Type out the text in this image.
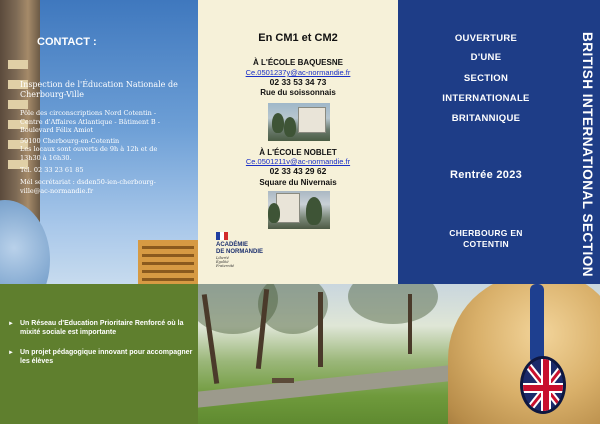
CONTACT :
Inspection de l'Éducation Nationale de Cherbourg-Ville
Pôle des circonscriptions Nord Cotentin -
Centre d'Affaires Atlantique - Bâtiment B -
Boulevard Félix Amiot
50100 Cherbourg-en-Cotentin
Les locaux sont ouverts de 9h à 12h et de
13h30 à 16h30.
Tél. 02 33 23 61 85
Mél secrétariat : dsden50-ien-cherbourg-
ville@ac-normandie.fr
En CM1 et CM2
À L'ÉCOLE BAQUESNE
Ce.0501237y@ac-normandie.fr
02 33 53 34 73
Rue du soissonnais
À L'ÉCOLE NOBLET
Ce.0501211v@ac-normandie.fr
02 33 43 29 62
Square du Nivernais
ACADÉMIE
DE NORMANDIE
Liberté
Égalité
Fraternité
OUVERTURE
D'UNE
SECTION
INTERNATIONALE
BRITANNIQUE
Rentrée 2023
CHERBOURG EN
COTENTIN	BRITISH INTERNATIONAL SECTION
► Un Réseau d'Education Prioritaire Renforcé où la mixité sociale est importante
► Un projet pédagogique innovant pour accompagner les élèves
